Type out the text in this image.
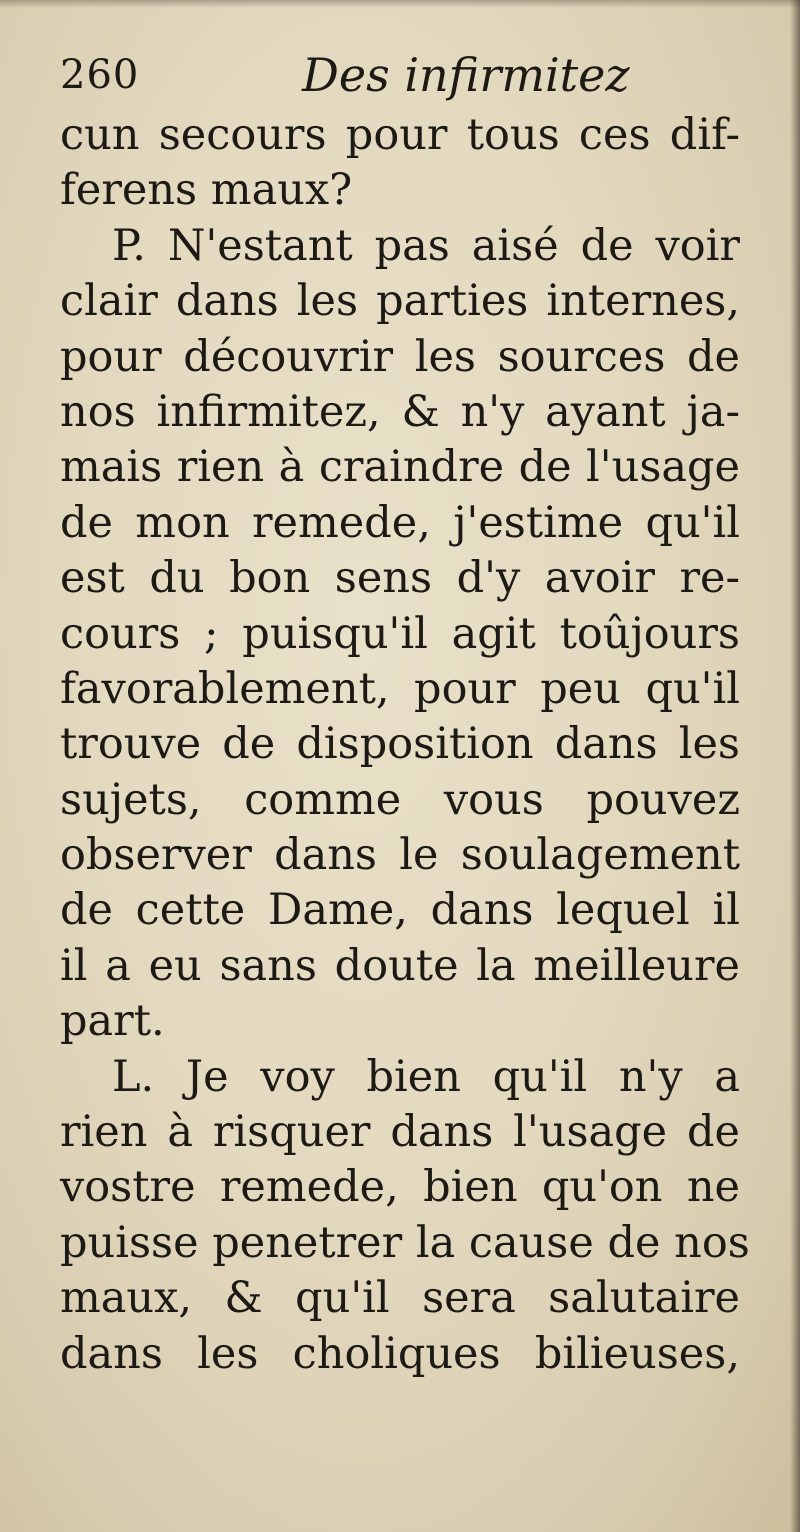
260	Des infirmitez
cun secours pour tous ces dif-
ferens maux?
P. N'estant pas aisé de voir
clair dans les parties internes,
pour découvrir les sources de
nos infirmitez, & n'y ayant ja-
mais rien à craindre de l'usage
de mon remede, j'estime qu'il
est du bon sens d'y avoir re-
cours ; puisqu'il agit toûjours
favorablement, pour peu qu'il
trouve de disposition dans les
sujets, comme vous pouvez
observer dans le soulagement
de cette Dame, dans lequel il
il a eu sans doute la meilleure
part.
L. Je voy bien qu'il n'y a
rien à risquer dans l'usage de
vostre remede, bien qu'on ne
puisse penetrer la cause de nos
maux, & qu'il sera salutaire
dans les choliques bilieuses,
